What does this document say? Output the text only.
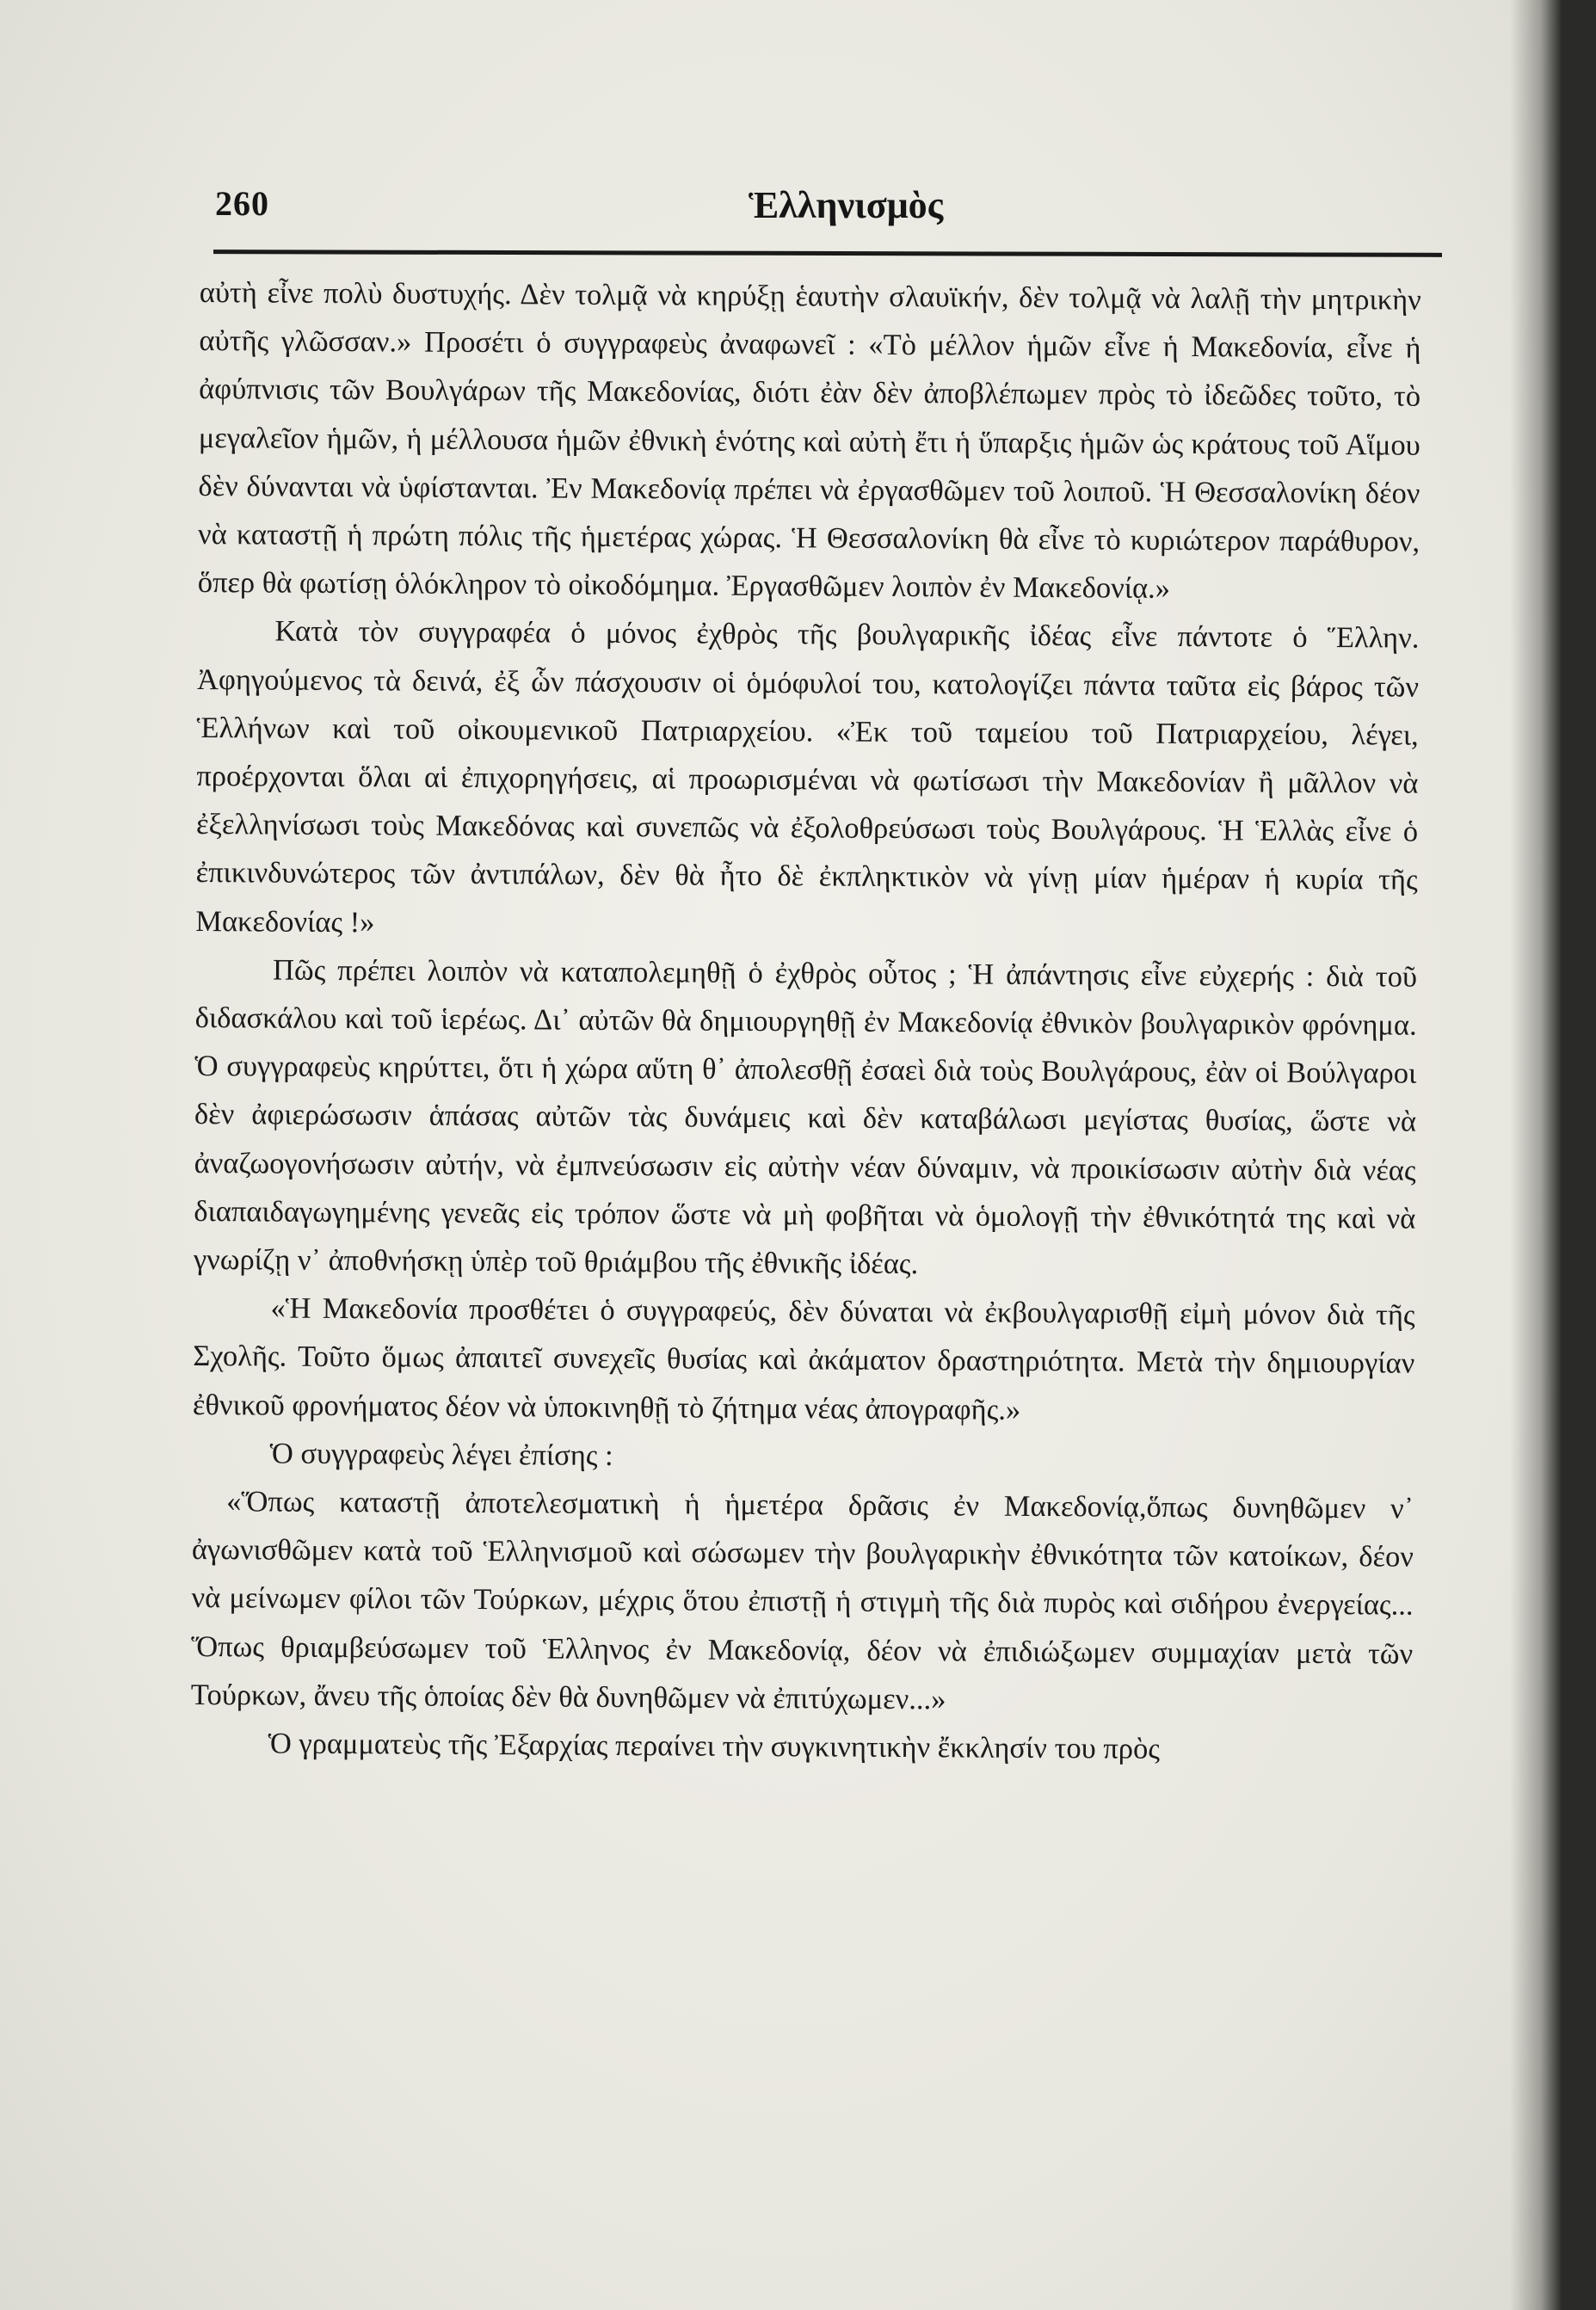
260	Ἑλληνισμὸς

αὐτὴ εἶνε πολὺ δυστυχής. Δὲν τολμᾷ νὰ κηρύξῃ ἑαυτὴν σλαυϊκήν, δὲν τολμᾷ νὰ λαλῇ τὴν μητρικὴν αὐτῆς γλῶσσαν.» Προσέτι ὁ συγγραφεὺς ἀναφωνεῖ : «Τὸ μέλλον ἡμῶν εἶνε ἡ Μακεδονία, εἶνε ἡ ἀφύπνισις τῶν Βουλγάρων τῆς Μακεδονίας, διότι ἐὰν δὲν ἀποβλέπωμεν πρὸς τὸ ἰδεῶδες τοῦτο, τὸ μεγαλεῖον ἡμῶν, ἡ μέλλουσα ἡμῶν ἐθνικὴ ἑνότης καὶ αὐτὴ ἔτι ἡ ὕπαρξις ἡμῶν ὡς κράτους τοῦ Αἵμου δὲν δύνανται νὰ ὑφίστανται. Ἐν Μακεδονίᾳ πρέπει νὰ ἐργασθῶμεν τοῦ λοιποῦ. Ἡ Θεσσαλονίκη δέον νὰ καταστῇ ἡ πρώτη πόλις τῆς ἡμετέρας χώρας. Ἡ Θεσσαλονίκη θὰ εἶνε τὸ κυριώτερον παράθυρον, ὅπερ θὰ φωτίσῃ ὁλόκληρον τὸ οἰκοδόμημα. Ἐργασθῶμεν λοιπὸν ἐν Μακεδονίᾳ.»

Κατὰ τὸν συγγραφέα ὁ μόνος ἐχθρὸς τῆς βουλγαρικῆς ἰδέας εἶνε πάντοτε ὁ Ἕλλην. Ἀφηγούμενος τὰ δεινά, ἐξ ὧν πάσχουσιν οἱ ὁμόφυλοί του, κατολογίζει πάντα ταῦτα εἰς βάρος τῶν Ἑλλήνων καὶ τοῦ οἰκουμενικοῦ Πατριαρχείου. «Ἐκ τοῦ ταμείου τοῦ Πατριαρχείου, λέγει, προέρχονται ὅλαι αἱ ἐπιχορηγήσεις, αἱ προωρισμέναι νὰ φωτίσωσι τὴν Μακεδονίαν ἢ μᾶλλον νὰ ἐξελληνίσωσι τοὺς Μακεδόνας καὶ συνεπῶς νὰ ἐξολοθρεύσωσι τοὺς Βουλγάρους. Ἡ Ἑλλὰς εἶνε ὁ ἐπικινδυνώτερος τῶν ἀντιπάλων, δὲν θὰ ἦτο δὲ ἐκπληκτικὸν νὰ γίνῃ μίαν ἡμέραν ἡ κυρία τῆς Μακεδονίας !»

Πῶς πρέπει λοιπὸν νὰ καταπολεμηθῇ ὁ ἐχθρὸς οὗτος ; Ἡ ἀπάντησις εἶνε εὐχερής : διὰ τοῦ διδασκάλου καὶ τοῦ ἱερέως. Δι᾽ αὐτῶν θὰ δημιουργηθῇ ἐν Μακεδονίᾳ ἐθνικὸν βουλγαρικὸν φρόνημα. Ὁ συγγραφεὺς κηρύττει, ὅτι ἡ χώρα αὕτη θ᾽ ἀπολεσθῇ ἐσαεὶ διὰ τοὺς Βουλγάρους, ἐὰν οἱ Βούλγαροι δὲν ἀφιερώσωσιν ἁπάσας αὐτῶν τὰς δυνάμεις καὶ δὲν καταβάλωσι μεγίστας θυσίας, ὥστε νὰ ἀναζωογονήσωσιν αὐτήν, νὰ ἐμπνεύσωσιν εἰς αὐτὴν νέαν δύναμιν, νὰ προικίσωσιν αὐτὴν διὰ νέας διαπαιδαγωγημένης γενεᾶς εἰς τρόπον ὥστε νὰ μὴ φοβῆται νὰ ὁμολογῇ τὴν ἐθνικότητά της καὶ νὰ γνωρίζῃ ν᾽ ἀποθνήσκῃ ὑπὲρ τοῦ θριάμβου τῆς ἐθνικῆς ἰδέας.

«Ἡ Μακεδονία προσθέτει ὁ συγγραφεύς, δὲν δύναται νὰ ἐκβουλγαρισθῇ εἰμὴ μόνον διὰ τῆς Σχολῆς. Τοῦτο ὅμως ἀπαιτεῖ συνεχεῖς θυσίας καὶ ἀκάματον δραστηριότητα. Μετὰ τὴν δημιουργίαν ἐθνικοῦ φρονήματος δέον νὰ ὑποκινηθῇ τὸ ζήτημα νέας ἀπογραφῆς.»

Ὁ συγγραφεὺς λέγει ἐπίσης :

«Ὅπως καταστῇ ἀποτελεσματικὴ ἡ ἡμετέρα δρᾶσις ἐν Μακεδονίᾳ,ὅπως δυνηθῶμεν ν᾽ ἀγωνισθῶμεν κατὰ τοῦ Ἑλληνισμοῦ καὶ σώσωμεν τὴν βουλγαρικὴν ἐθνικότητα τῶν κατοίκων, δέον νὰ μείνωμεν φίλοι τῶν Τούρκων, μέχρις ὅτου ἐπιστῇ ἡ στιγμὴ τῆς διὰ πυρὸς καὶ σιδήρου ἐνεργείας... Ὅπως θριαμβεύσωμεν τοῦ Ἑλληνος ἐν Μακεδονίᾳ, δέον νὰ ἐπιδιώξωμεν συμμαχίαν μετὰ τῶν Τούρκων, ἄνευ τῆς ὁποίας δὲν θὰ δυνηθῶμεν νὰ ἐπιτύχωμεν...»

Ὁ γραμματεὺς τῆς Ἐξαρχίας περαίνει τὴν συγκινητικὴν ἔκκλησίν του πρὸς
